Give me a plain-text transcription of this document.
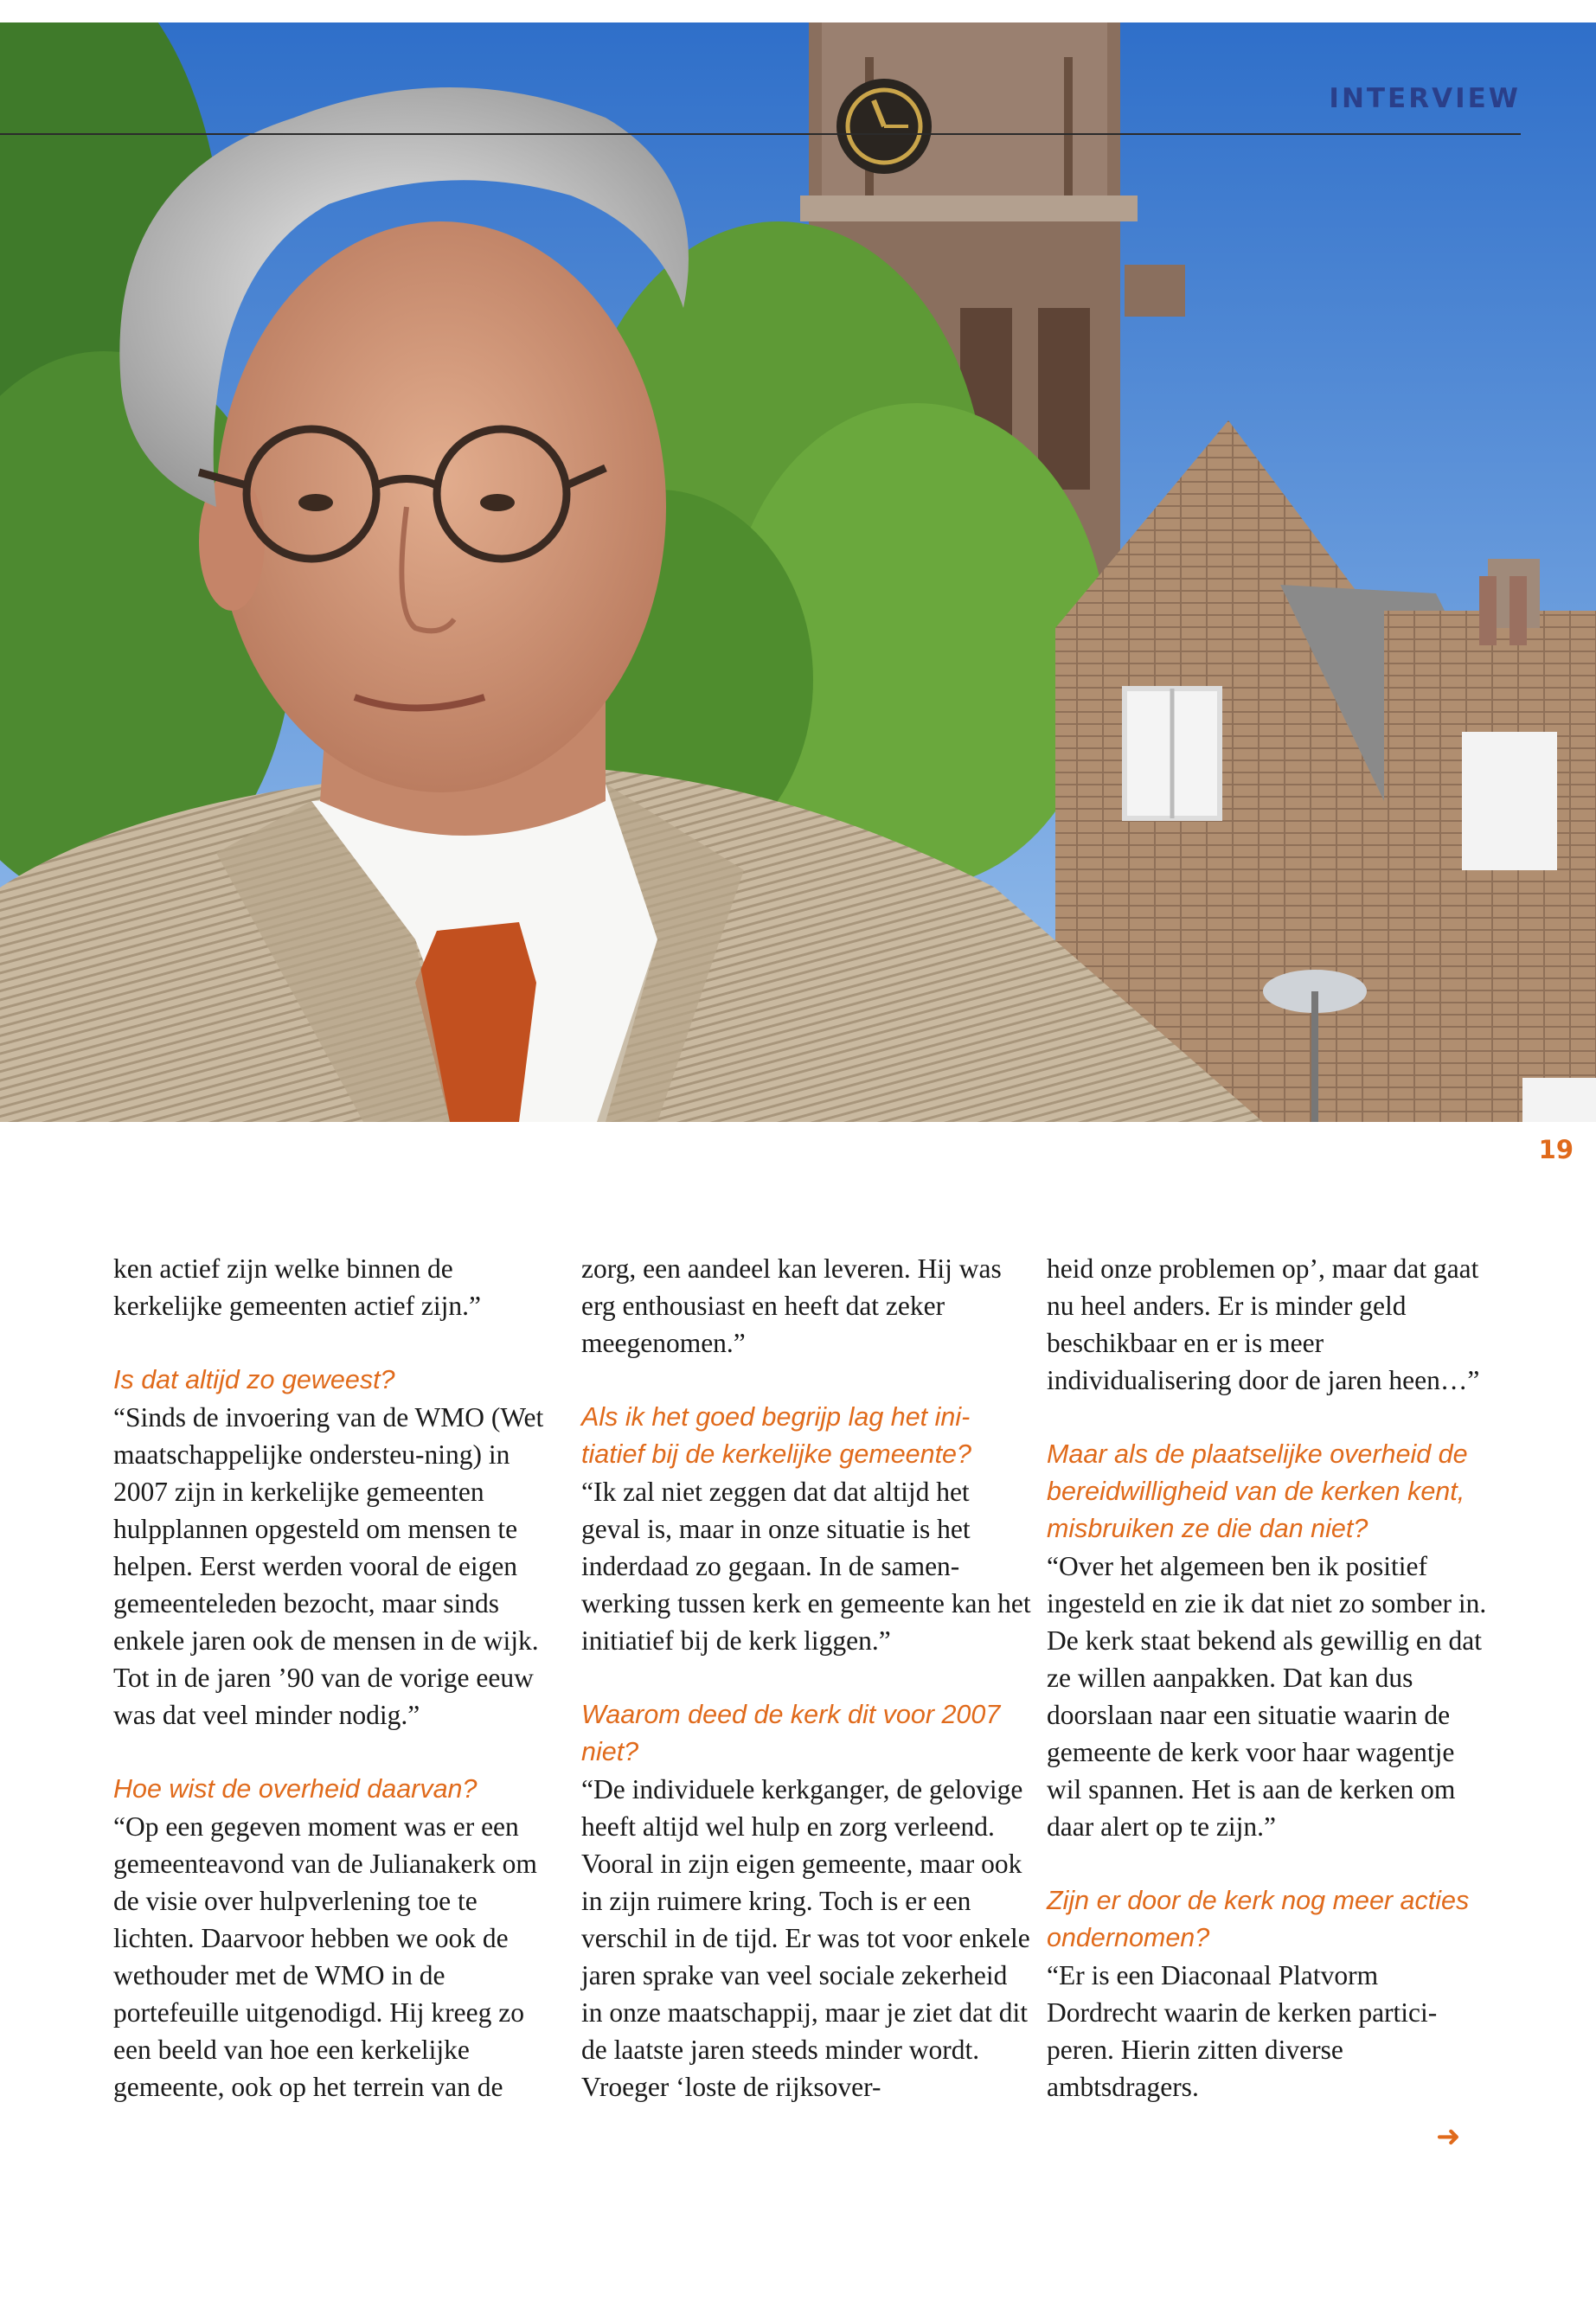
INTERVIEW
19

ken actief zijn welke binnen de kerkelijke gemeenten actief zijn.”

Is dat altijd zo geweest?

“Sinds de invoering van de WMO (Wet maatschappelijke ondersteu-ning) in 2007 zijn in kerkelijke gemeenten hulpplannen opgesteld om mensen te helpen. Eerst werden vooral de eigen gemeenteleden bezocht, maar sinds enkele jaren ook de mensen in de wijk. Tot in de jaren ’90 van de vorige eeuw was dat veel minder nodig.”

Hoe wist de overheid daarvan?

“Op een gegeven moment was er een gemeenteavond van de Julianakerk om de visie over hulpverlening toe te lichten. Daarvoor hebben we ook de wethouder met de WMO in de portefeuille uitgenodigd. Hij kreeg zo een beeld van hoe een kerkelijke gemeente, ook op het terrein van de

zorg, een aandeel kan leveren. Hij was erg enthousiast en heeft dat zeker meegenomen.”

Als ik het goed begrijp lag het ini-tiatief bij de kerkelijke gemeente?

“Ik zal niet zeggen dat dat altijd het geval is, maar in onze situatie is het inderdaad zo gegaan. In de samen-werking tussen kerk en gemeente kan het initiatief bij de kerk liggen.”

Waarom deed de kerk dit voor 2007 niet?

“De individuele kerkganger, de gelovige heeft altijd wel hulp en zorg verleend. Vooral in zijn eigen gemeente, maar ook in zijn ruimere kring. Toch is er een verschil in de tijd. Er was tot voor enkele jaren sprake van veel sociale zekerheid in onze maatschappij, maar je ziet dat dit de laatste jaren steeds minder wordt. Vroeger ‘loste de rijksover-

heid onze problemen op’, maar dat gaat nu heel anders. Er is minder geld beschikbaar en er is meer individualisering door de jaren heen…”

Maar als de plaatselijke overheid de bereidwilligheid van de kerken kent, misbruiken ze die dan niet?

“Over het algemeen ben ik positief ingesteld en zie ik dat niet zo somber in. De kerk staat bekend als gewillig en dat ze willen aanpakken. Dat kan dus doorslaan naar een situatie waarin de gemeente de kerk voor haar wagentje wil spannen. Het is aan de kerken om daar alert op te zijn.”

Zijn er door de kerk nog meer acties ondernomen?

“Er is een Diaconaal Platvorm Dordrecht waarin de kerken partici-peren. Hierin zitten diverse ambtsdragers.

➜
